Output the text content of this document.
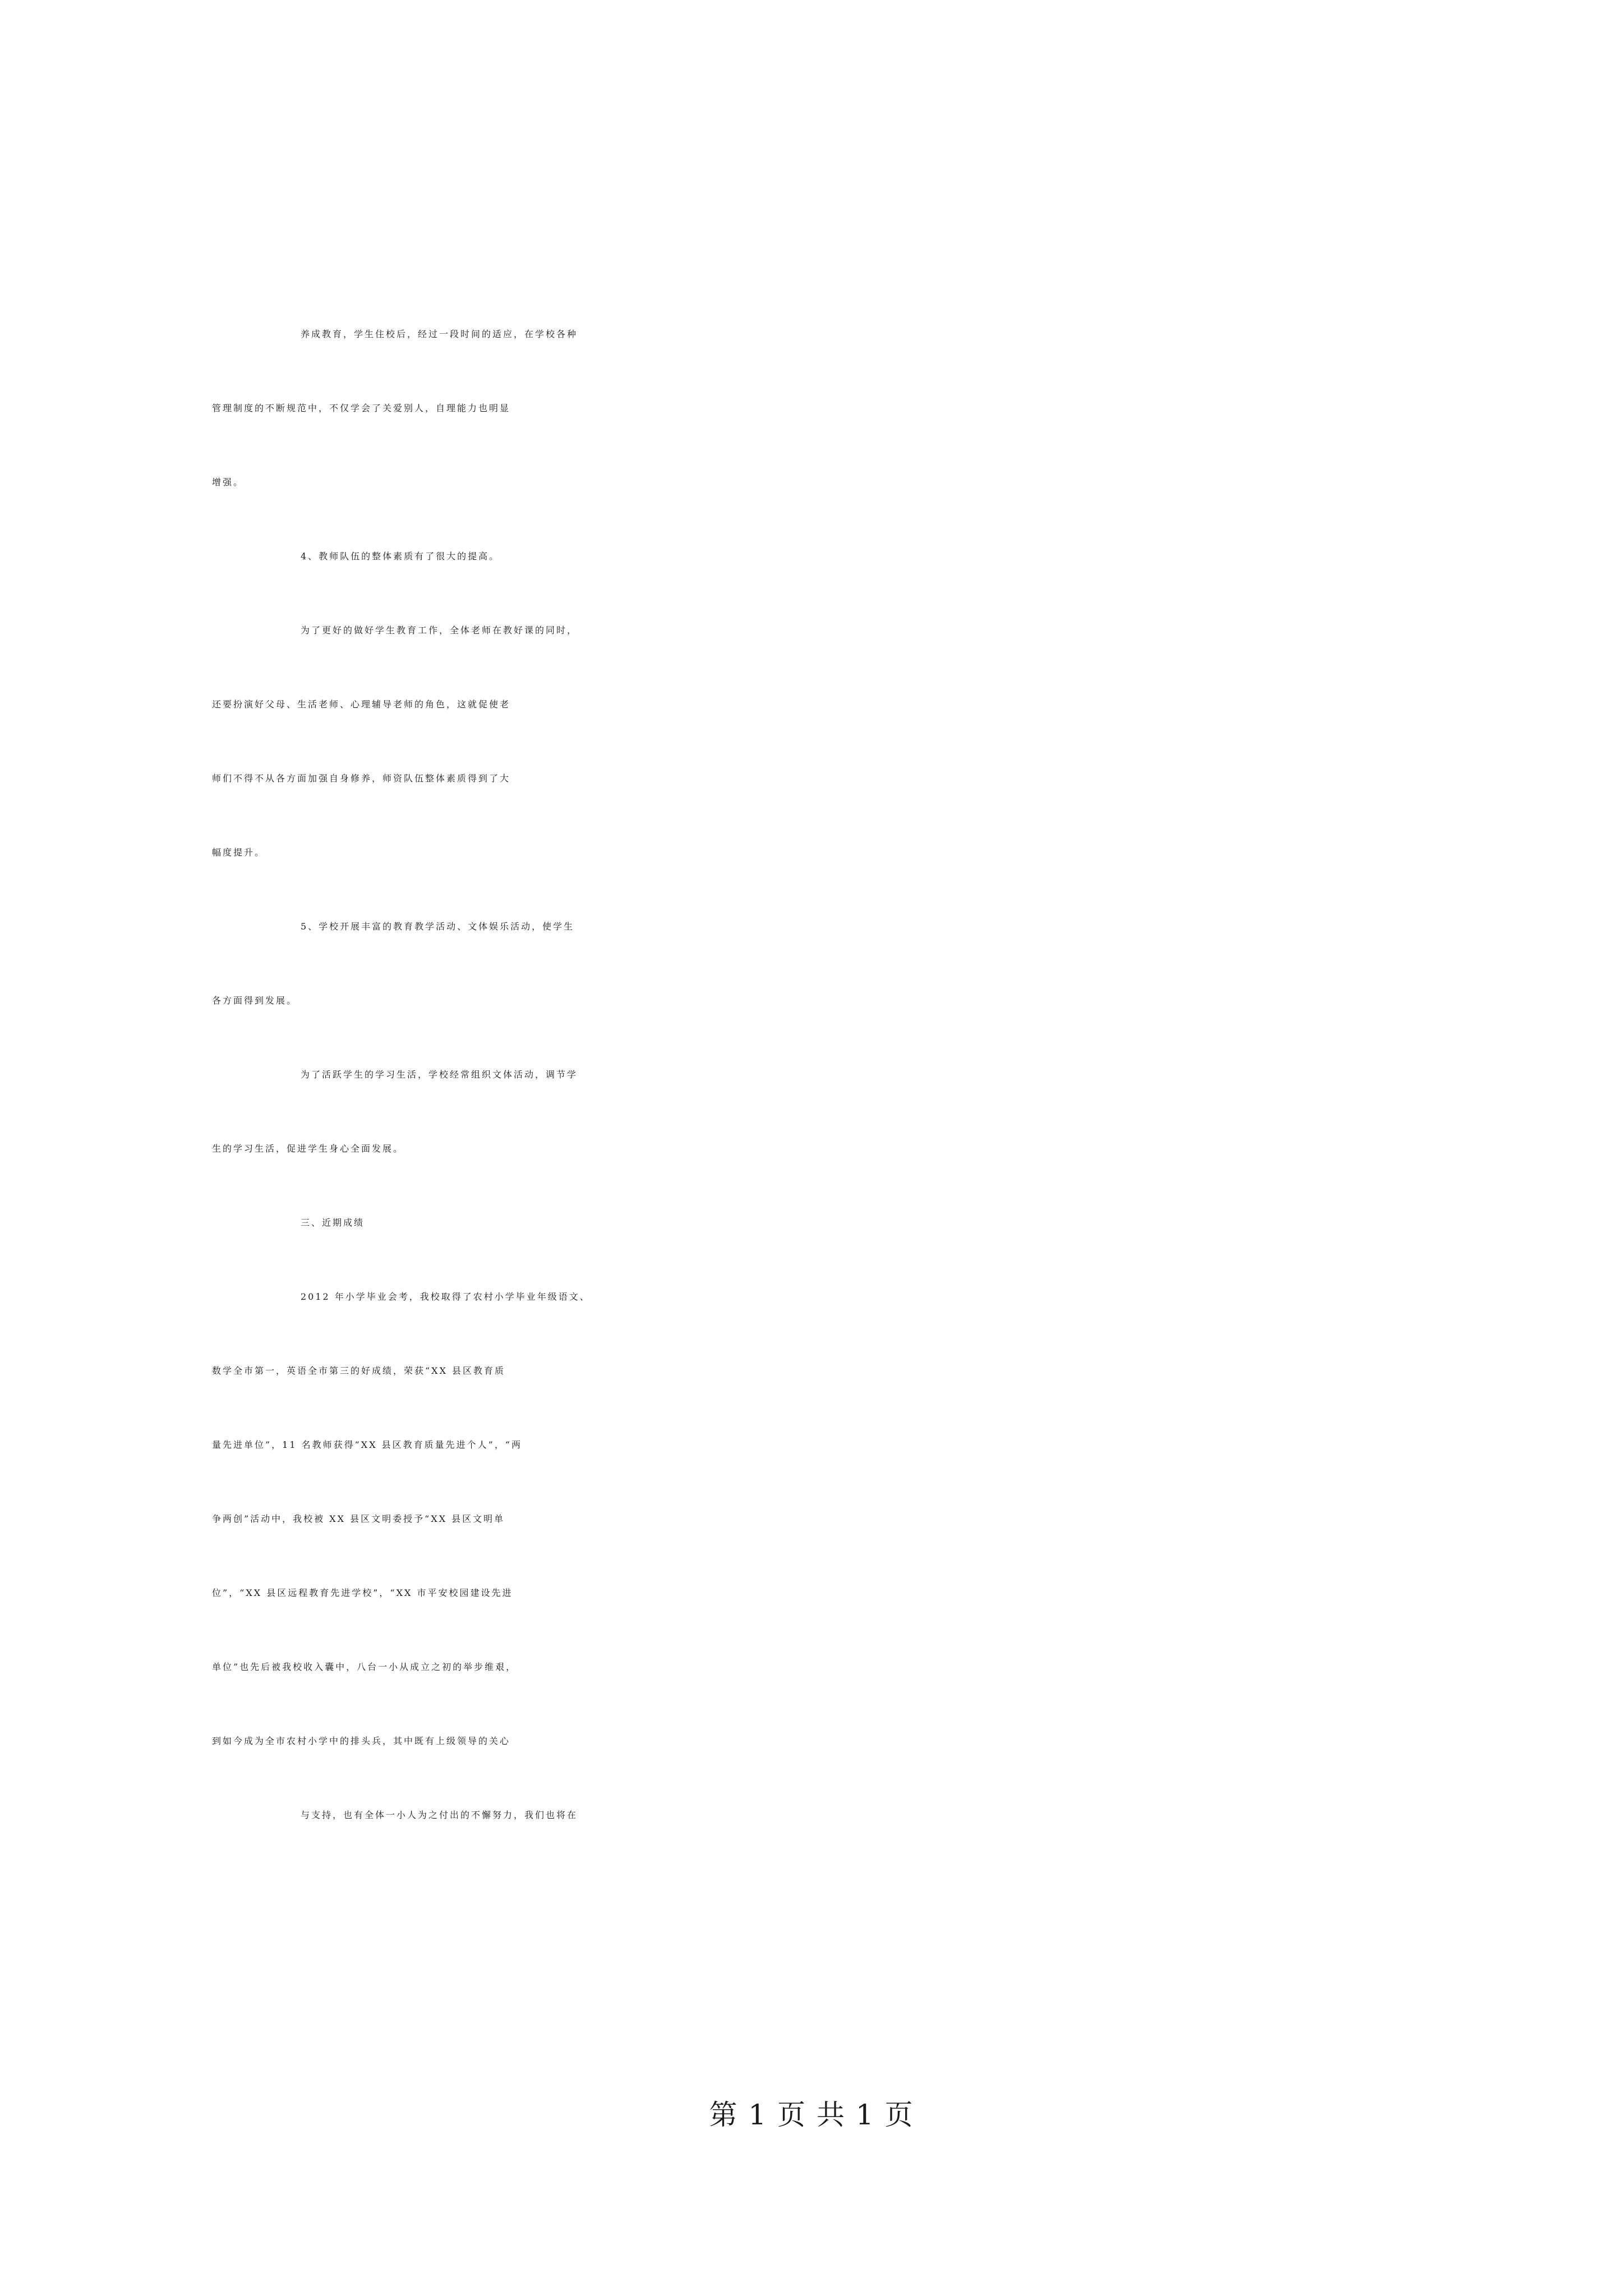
养成教育，学生住校后，经过一段时间的适应，在学校各种
管理制度的不断规范中，不仅学会了关爱别人，自理能力也明显
增强。
4、教师队伍的整体素质有了很大的提高。
为了更好的做好学生教育工作，全体老师在教好课的同时，
还要扮演好父母、生活老师、心理辅导老师的角色，这就促使老
师们不得不从各方面加强自身修养，师资队伍整体素质得到了大
幅度提升。
5、学校开展丰富的教育教学活动、文体娱乐活动，使学生
各方面得到发展。
为了活跃学生的学习生活，学校经常组织文体活动，调节学
生的学习生活，促进学生身心全面发展。
三、近期成绩
2012 年小学毕业会考，我校取得了农村小学毕业年级语文、
数学全市第一，英语全市第三的好成绩，荣获“XX 县区教育质
量先进单位”，11 名教师获得“XX 县区教育质量先进个人”，“两
争两创”活动中，我校被 XX 县区文明委授予“XX 县区文明单
位”，“XX 县区远程教育先进学校”，“XX 市平安校园建设先进
单位”也先后被我校收入囊中，八台一小从成立之初的举步维艰，
到如今成为全市农村小学中的排头兵，其中既有上级领导的关心
与支持，也有全体一小人为之付出的不懈努力，我们也将在
第 1 页 共 1 页
